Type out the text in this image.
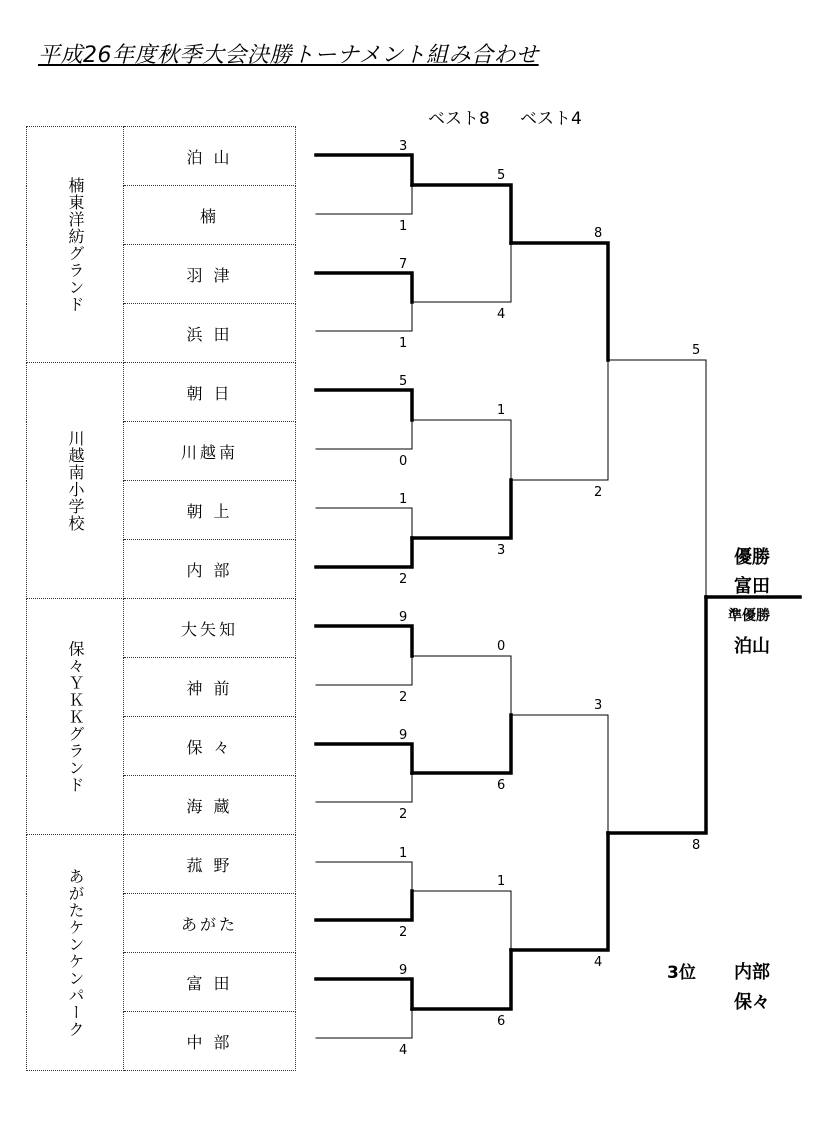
平成26年度秋季大会決勝トーナメント組み合わせ
ベスト8 ベスト4
楠東洋紡グランド	泊 山
	楠
	羽 津
	浜 田

川越南小学校	朝 日
	川越南
	朝 上
	内 部

保々ＹＫＫグランド	大矢知
	神 前
	保 々
	海 蔵

あがたケンケンパーク	菰 野
	あがた
	富 田
	中 部
3
1
7
1
5
0
1
2
9
2
9
2
1
2
9
4
5
4
1
3
0
6
1
6
8
2
3
4
5
8
優勝
富田
準優勝
泊山
3位 内部
保々
